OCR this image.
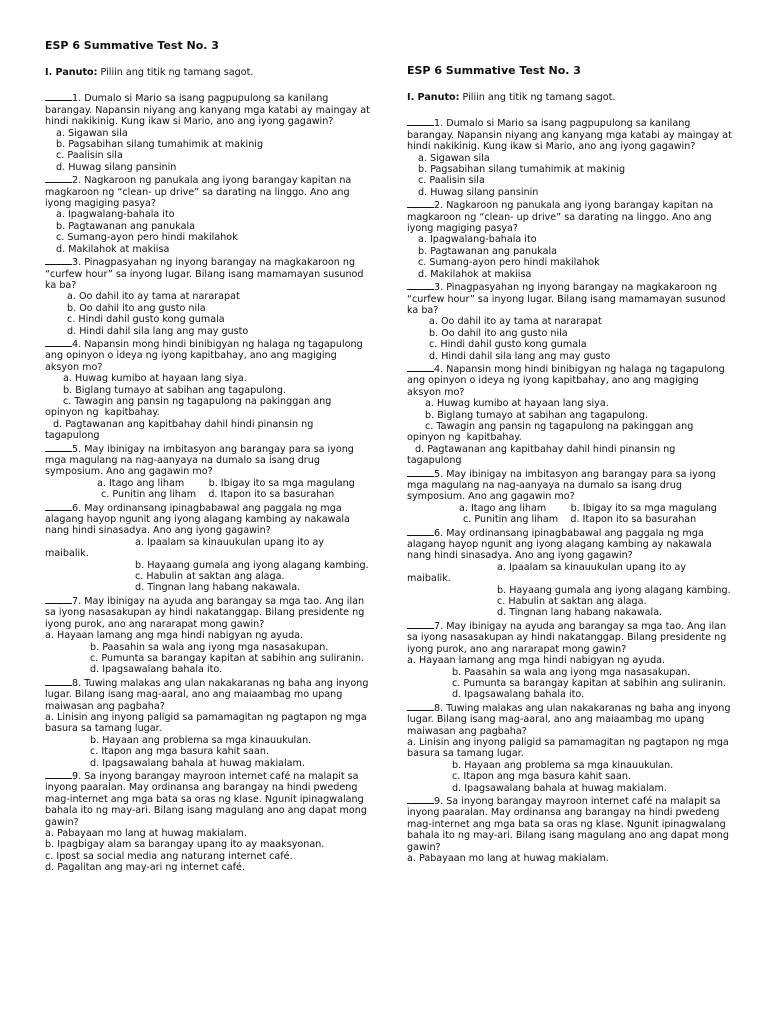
ESP 6 Summative Test No. 3
I. Panuto: Piliin ang titik ng tamang sagot.
1. Dumalo si Mario sa isang pagpupulong sa kanilang barangay. Napansin niyang ang kanyang mga katabi ay maingay at hindi nakikinig. Kung ikaw si Mario, ano ang iyong gagawin?
a. Sigawan sila
b. Pagsabihan silang tumahimik at makinig
c. Paalisin sila
d. Huwag silang pansinin
2. Nagkaroon ng panukala ang iyong barangay kapitan na magkaroon ng “clean- up drive” sa darating na linggo. Ano ang iyong magiging pasya?
a. Ipagwalang-bahala ito
b. Pagtawanan ang panukala
c. Sumang-ayon pero hindi makilahok
d. Makilahok at makiisa
3. Pinagpasyahan ng inyong barangay na magkakaroon ng “curfew hour” sa inyong lugar. Bilang isang mamamayan susunod ka ba?
a. Oo dahil ito ay tama at nararapat
b. Oo dahil ito ang gusto nila
c. Hindi dahil gusto kong gumala
d. Hindi dahil sila lang ang may gusto
4. Napansin mong hindi binibigyan ng halaga ng tagapulong ang opinyon o ideya ng iyong kapitbahay, ano ang magiging aksyon mo?
a. Huwag kumibo at hayaan lang siya.
b. Biglang tumayo at sabihan ang tagapulong.
c. Tawagin ang pansin ng tagapulong na pakinggan ang opinyon ng  kapitbahay.
d. Pagtawanan ang kapitbahay dahil hindi pinansin ng tagapulong
5. May ibinigay na imbitasyon ang barangay para sa iyong mga magulang na nag-aanyaya na dumalo sa isang drug symposium. Ano ang gagawin mo?
a. Itago ang liham	b. Ibigay ito sa mga magulang
c. Punitin ang liham d. Itapon ito sa basurahan
6. May ordinansang ipinagbabawal ang paggala ng mga alagang hayop ngunit ang iyong alagang kambing ay nakawala nang hindi sinasadya. Ano ang iyong gagawin?
a. Ipaalam sa kinauukulan upang ito ay maibalik.
b. Hayaang gumala ang iyong alagang kambing.
c. Habulin at saktan ang alaga.
d. Tingnan lang habang nakawala.
7. May ibinigay na ayuda ang barangay sa mga tao. Ang ilan sa iyong nasasakupan ay hindi nakatanggap. Bilang presidente ng iyong purok, ano ang nararapat mong gawin?
a. Hayaan lamang ang mga hindi nabigyan ng ayuda.
b. Paasahin sa wala ang iyong mga nasasakupan.
c. Pumunta sa barangay kapitan at sabihin ang suliranin.
d. Ipagsawalang bahala ito.
8. Tuwing malakas ang ulan nakakaranas ng baha ang inyong lugar. Bilang isang mag-aaral, ano ang maiaambag mo upang maiwasan ang pagbaha?
a. Linisin ang inyong paligid sa pamamagitan ng pagtapon ng mga basura sa tamang lugar.
b. Hayaan ang problema sa mga kinauukulan.
c. Itapon ang mga basura kahit saan.
d. Ipagsawalang bahala at huwag makialam.
9. Sa inyong barangay mayroon internet café na malapit sa inyong paaralan. May ordinansa ang barangay na hindi pwedeng mag-internet ang mga bata sa oras ng klase. Ngunit ipinagwalang bahala ito ng may-ari. Bilang isang magulang ano ang dapat mong gawin?
a. Pabayaan mo lang at huwag makialam.
b. Ipagbigay alam sa barangay upang ito ay maaksyonan.
c. Ipost sa social media ang naturang internet café.
d. Pagalitan ang may-ari ng internet café.
ESP 6 Summative Test No. 3
I. Panuto: Piliin ang titik ng tamang sagot.
1. Dumalo si Mario sa isang pagpupulong sa kanilang barangay. Napansin niyang ang kanyang mga katabi ay maingay at hindi nakikinig. Kung ikaw si Mario, ano ang iyong gagawin?
a. Sigawan sila
b. Pagsabihan silang tumahimik at makinig
c. Paalisin sila
d. Huwag silang pansinin
2. Nagkaroon ng panukala ang iyong barangay kapitan na magkaroon ng “clean- up drive” sa darating na linggo. Ano ang iyong magiging pasya?
a. Ipagwalang-bahala ito
b. Pagtawanan ang panukala
c. Sumang-ayon pero hindi makilahok
d. Makilahok at makiisa
3. Pinagpasyahan ng inyong barangay na magkakaroon ng “curfew hour” sa inyong lugar. Bilang isang mamamayan susunod ka ba?
a. Oo dahil ito ay tama at nararapat
b. Oo dahil ito ang gusto nila
c. Hindi dahil gusto kong gumala
d. Hindi dahil sila lang ang may gusto
4. Napansin mong hindi binibigyan ng halaga ng tagapulong ang opinyon o ideya ng iyong kapitbahay, ano ang magiging aksyon mo?
a. Huwag kumibo at hayaan lang siya.
b. Biglang tumayo at sabihan ang tagapulong.
c. Tawagin ang pansin ng tagapulong na pakinggan ang opinyon ng  kapitbahay.
d. Pagtawanan ang kapitbahay dahil hindi pinansin ng tagapulong
5. May ibinigay na imbitasyon ang barangay para sa iyong mga magulang na nag-aanyaya na dumalo sa isang drug symposium. Ano ang gagawin mo?
a. Itago ang liham	b. Ibigay ito sa mga magulang
c. Punitin ang liham d. Itapon ito sa basurahan
6. May ordinansang ipinagbabawal ang paggala ng mga alagang hayop ngunit ang iyong alagang kambing ay nakawala nang hindi sinasadya. Ano ang iyong gagawin?
a. Ipaalam sa kinauukulan upang ito ay maibalik.
b. Hayaang gumala ang iyong alagang kambing.
c. Habulin at saktan ang alaga.
d. Tingnan lang habang nakawala.
7. May ibinigay na ayuda ang barangay sa mga tao. Ang ilan sa iyong nasasakupan ay hindi nakatanggap. Bilang presidente ng iyong purok, ano ang nararapat mong gawin?
a. Hayaan lamang ang mga hindi nabigyan ng ayuda.
b. Paasahin sa wala ang iyong mga nasasakupan.
c. Pumunta sa barangay kapitan at sabihin ang suliranin.
d. Ipagsawalang bahala ito.
8. Tuwing malakas ang ulan nakakaranas ng baha ang inyong lugar. Bilang isang mag-aaral, ano ang maiaambag mo upang maiwasan ang pagbaha?
a. Linisin ang inyong paligid sa pamamagitan ng pagtapon ng mga basura sa tamang lugar.
b. Hayaan ang problema sa mga kinauukulan.
c. Itapon ang mga basura kahit saan.
d. Ipagsawalang bahala at huwag makialam.
9. Sa inyong barangay mayroon internet café na malapit sa inyong paaralan. May ordinansa ang barangay na hindi pwedeng mag-internet ang mga bata sa oras ng klase. Ngunit ipinagwalang bahala ito ng may-ari. Bilang isang magulang ano ang dapat mong gawin?
a. Pabayaan mo lang at huwag makialam.
